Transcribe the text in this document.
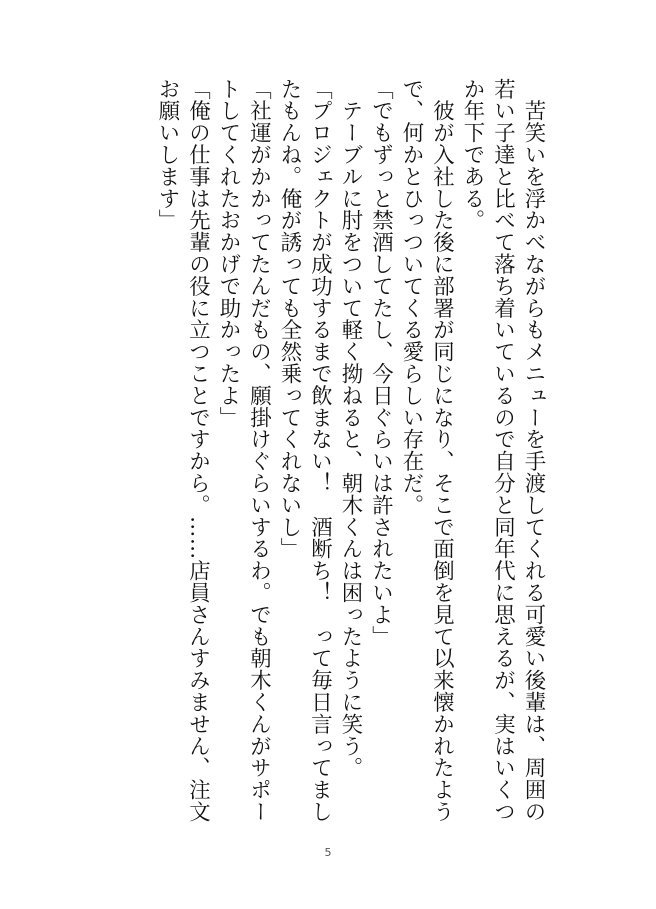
　苦笑いを浮かべながらもメニューを手渡してくれる可愛い後輩は、周囲の若い子達と比べて落ち着いているので自分と同年代に思えるが、実はいくつか年下である。

　彼が入社した後に部署が同じになり、そこで面倒を見て以来懐かれたようで、何かとひっついてくる愛らしい存在だ。

「でもずっと禁酒してたし、今日ぐらいは許されたいよ」

　テーブルに肘をついて軽く拗ねると、朝木くんは困ったように笑う。

「プロジェクトが成功するまで飲まない！　酒断ち！　って毎日言ってましたもんね。俺が誘っても全然乗ってくれないし」

「社運がかかってたんだもの、願掛けぐらいするわ。でも朝木くんがサポートしてくれたおかげで助かったよ」

「俺の仕事は先輩の役に立つことですから。……店員さんすみません、注文お願いします」

5
